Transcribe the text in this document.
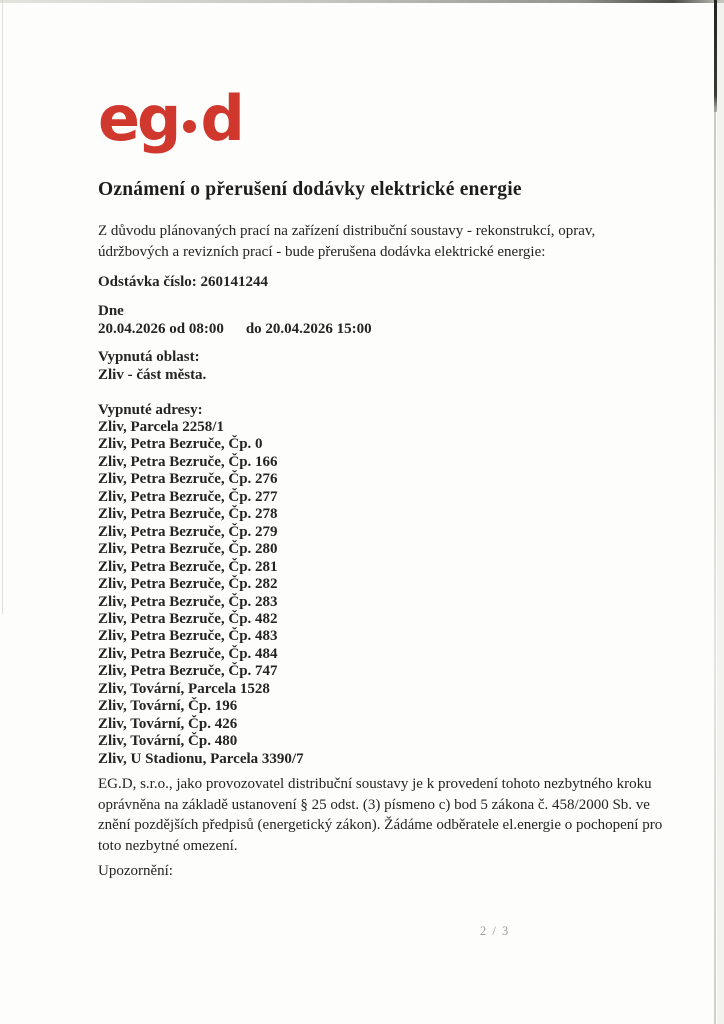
eg d
Oznámení o přerušení dodávky elektrické energie

Z důvodu plánovaných prací na zařízení distribuční soustavy - rekonstrukcí, oprav, údržbových a revizních prací - bude přerušena dodávka elektrické energie:

Odstávka číslo: 260141244
Dne
20.04.2026 od 08:00 do 20.04.2026 15:00
Vypnutá oblast:
Zliv - část města.
Vypnuté adresy:
Zliv, Parcela 2258/1
Zliv, Petra Bezruče, Čp. 0
Zliv, Petra Bezruče, Čp. 166
Zliv, Petra Bezruče, Čp. 276
Zliv, Petra Bezruče, Čp. 277
Zliv, Petra Bezruče, Čp. 278
Zliv, Petra Bezruče, Čp. 279
Zliv, Petra Bezruče, Čp. 280
Zliv, Petra Bezruče, Čp. 281
Zliv, Petra Bezruče, Čp. 282
Zliv, Petra Bezruče, Čp. 283
Zliv, Petra Bezruče, Čp. 482
Zliv, Petra Bezruče, Čp. 483
Zliv, Petra Bezruče, Čp. 484
Zliv, Petra Bezruče, Čp. 747
Zliv, Tovární, Parcela 1528
Zliv, Tovární, Čp. 196
Zliv, Tovární, Čp. 426
Zliv, Tovární, Čp. 480
Zliv, U Stadionu, Parcela 3390/7

EG.D, s.r.o., jako provozovatel distribuční soustavy je k provedení tohoto nezbytného kroku oprávněna na základě ustanovení § 25 odst. (3) písmeno c) bod 5 zákona č. 458/2000 Sb. ve znění pozdějších předpisů (energetický zákon). Žádáme odběratele el.energie o pochopení pro toto nezbytné omezení.

Upozornění:
2 / 3
